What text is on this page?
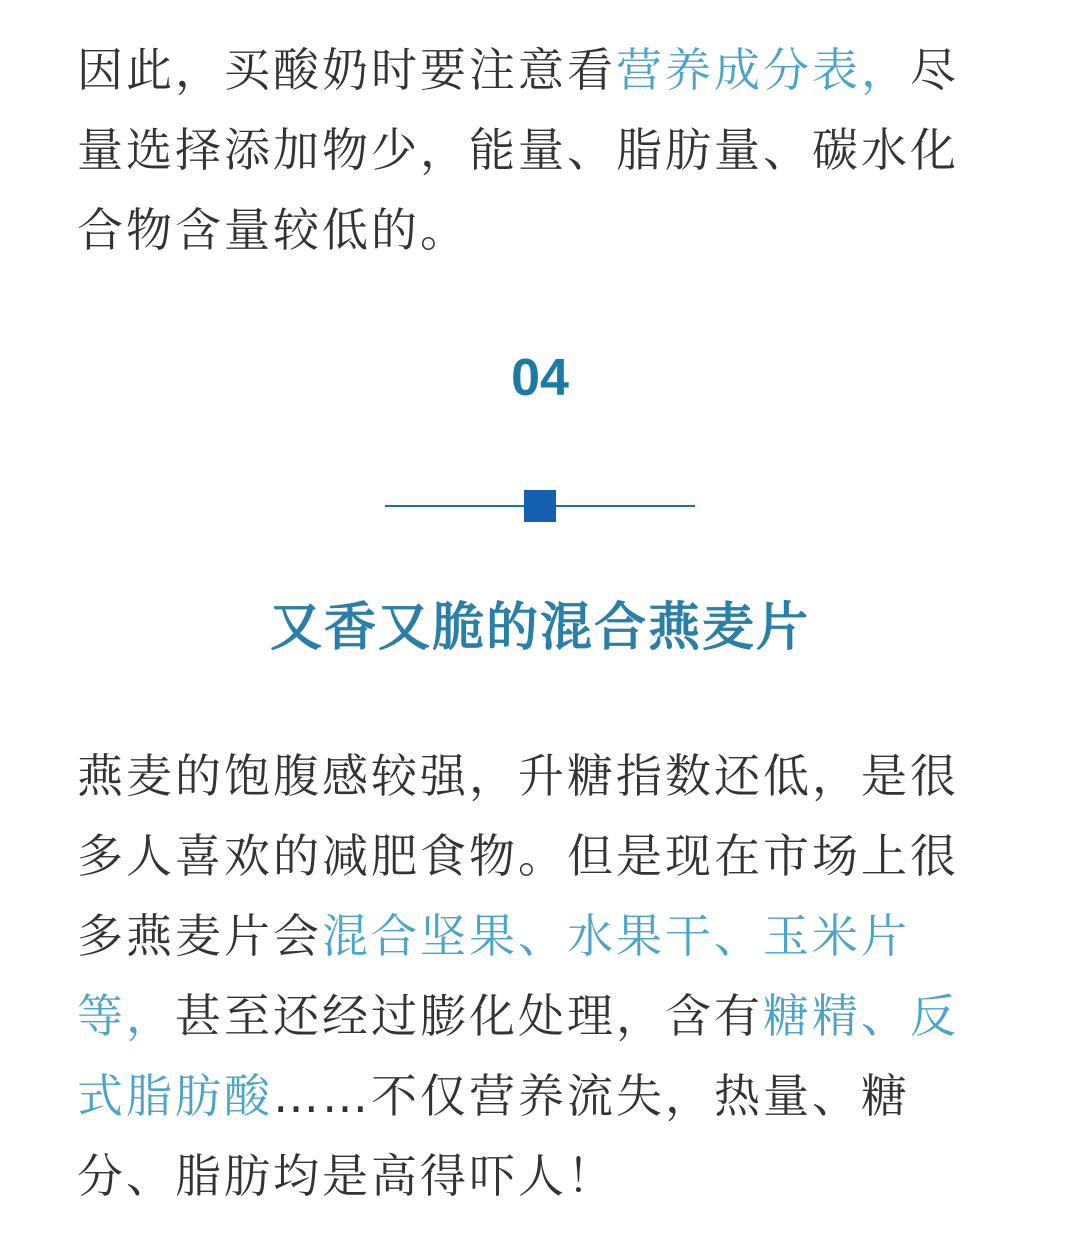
因此，买酸奶时要注意看营养成分表，尽量选择添加物少，能量、脂肪量、碳水化合物含量较低的。

04
又香又脆的混合燕麦片

燕麦的饱腹感较强，升糖指数还低，是很多人喜欢的减肥食物。但是现在市场上很多燕麦片会混合坚果、水果干、玉米片等，甚至还经过膨化处理，含有糖精、反式脂肪酸……不仅营养流失，热量、糖分、脂肪均是高得吓人！
